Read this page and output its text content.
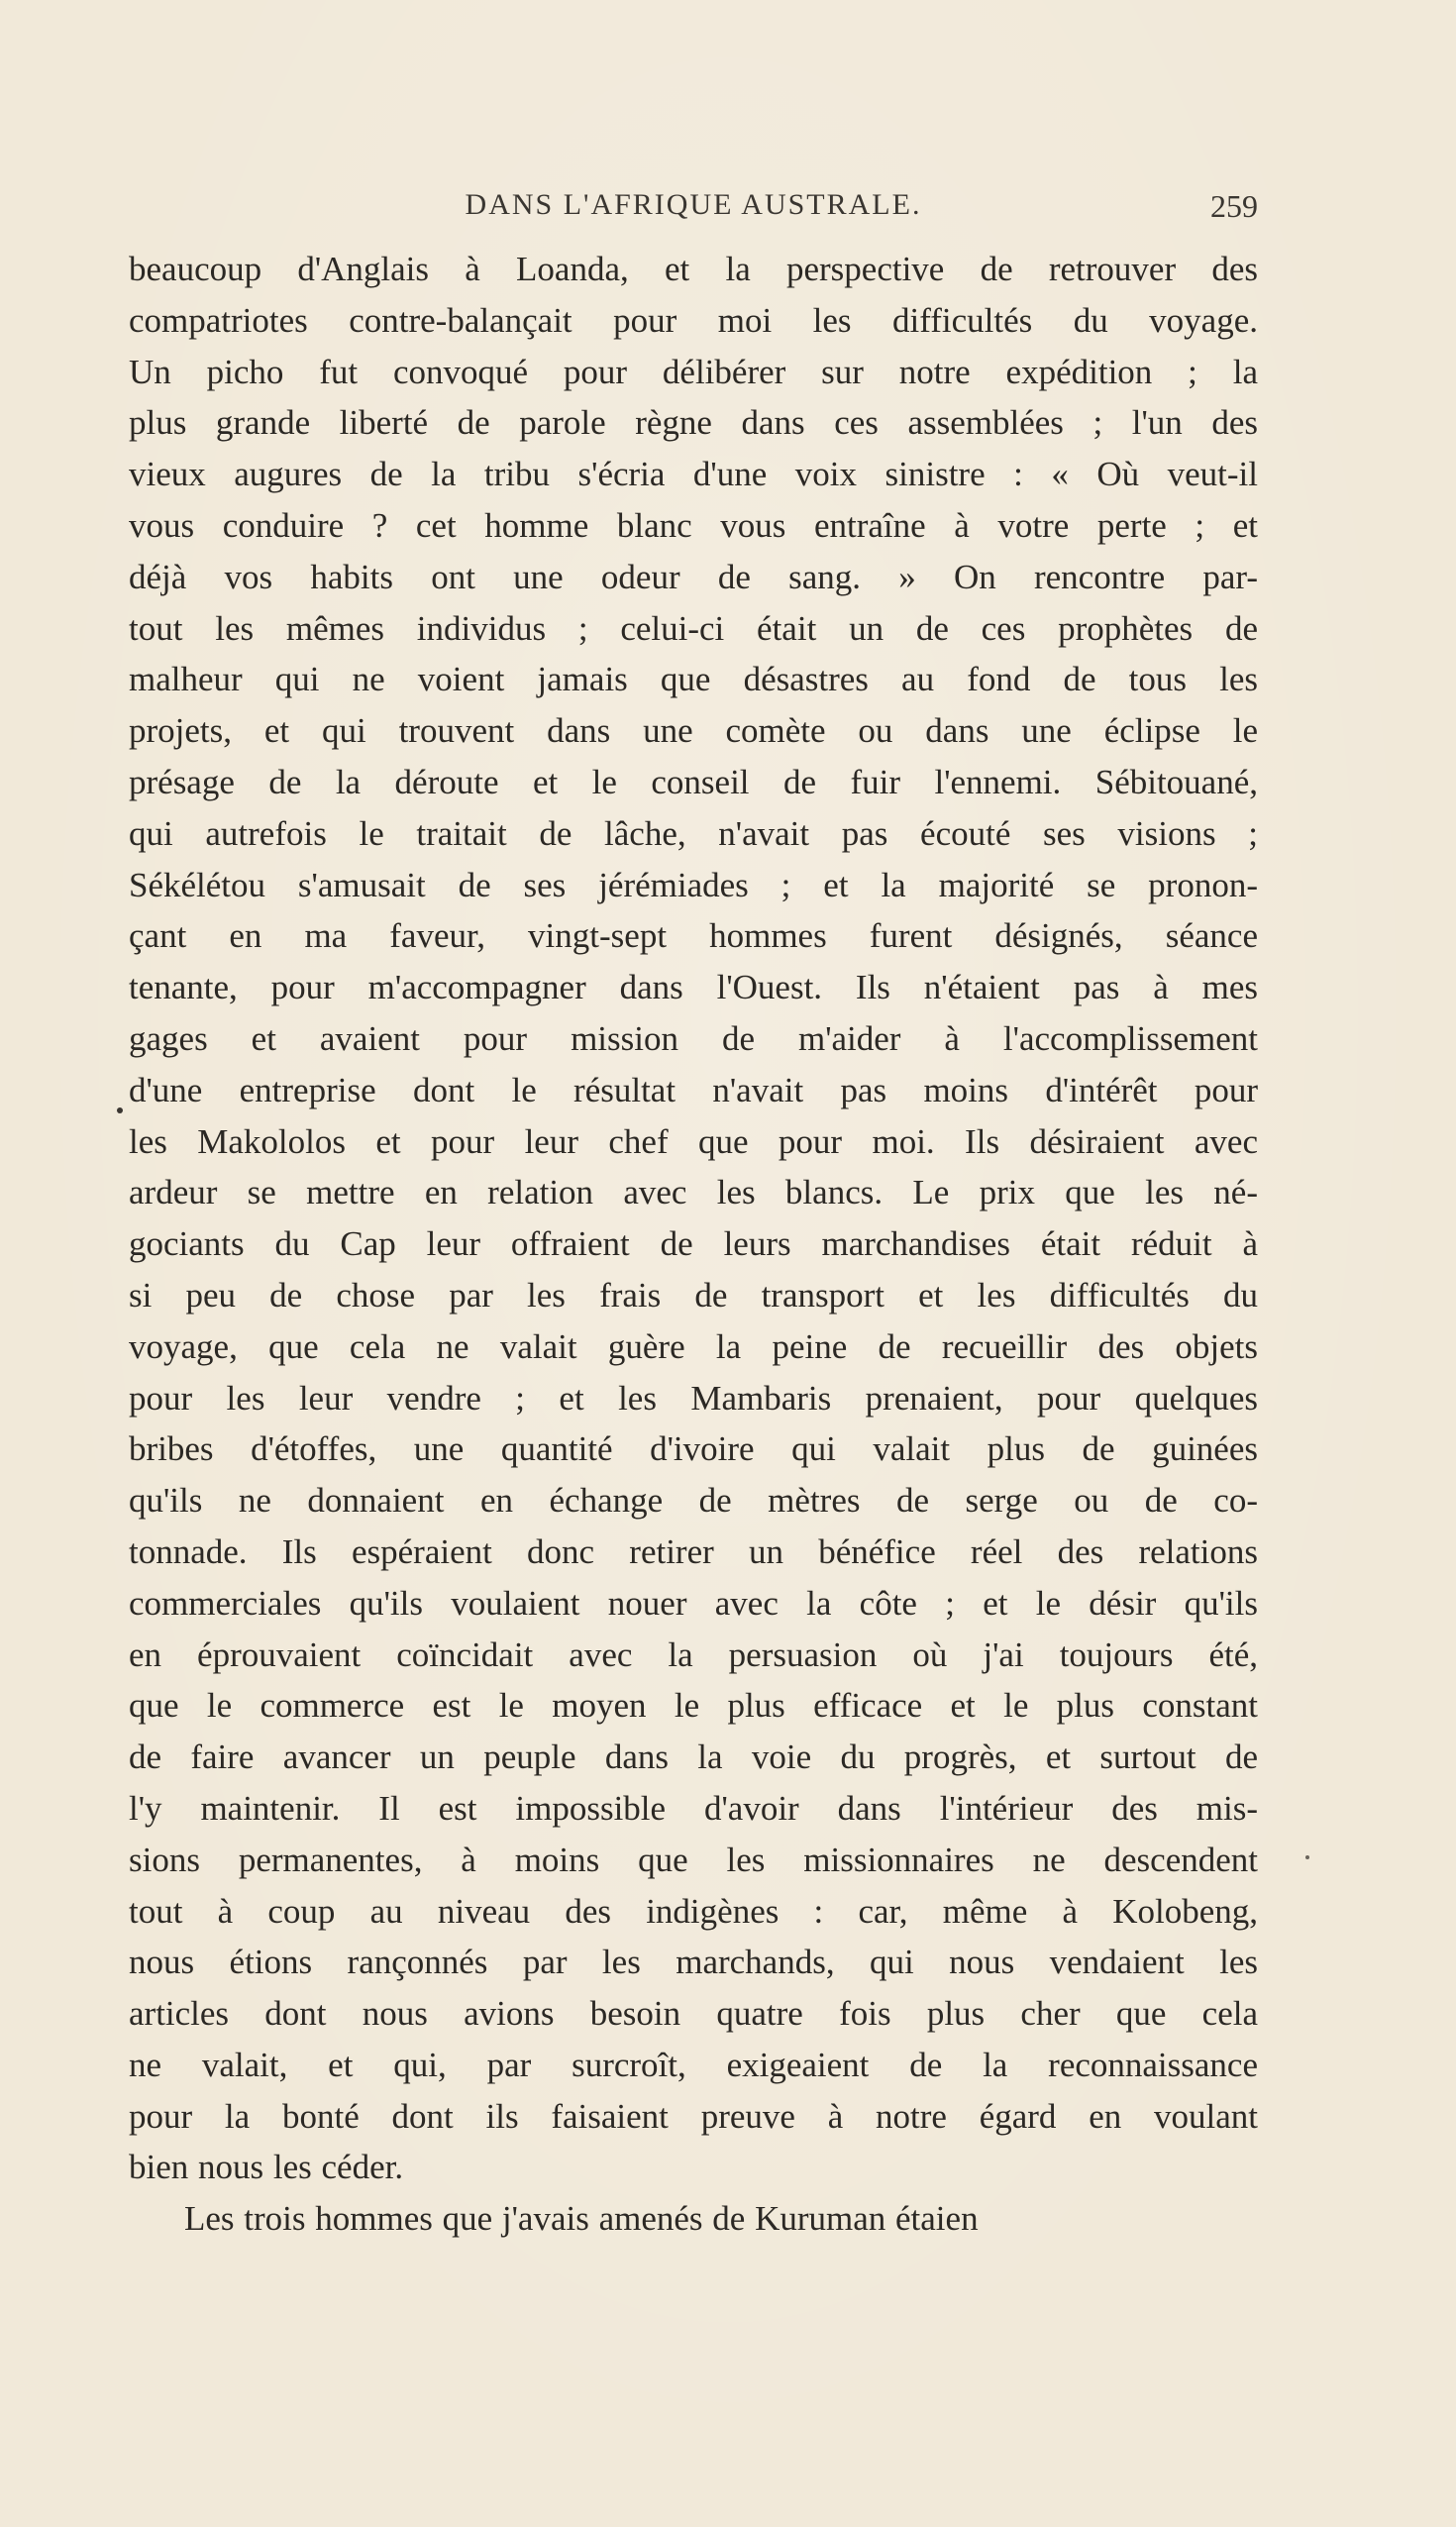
DANS L'AFRIQUE AUSTRALE.	259
beaucoup d'Anglais à Loanda, et la perspective de retrouver des
compatriotes contre-balançait pour moi les difficultés du voyage.
Un picho fut convoqué pour délibérer sur notre expédition ; la
plus grande liberté de parole règne dans ces assemblées ; l'un des
vieux augures de la tribu s'écria d'une voix sinistre : « Où veut-il
vous conduire ? cet homme blanc vous entraîne à votre perte ; et
déjà vos habits ont une odeur de sang. » On rencontre par-
tout les mêmes individus ; celui-ci était un de ces prophètes de
malheur qui ne voient jamais que désastres au fond de tous les
projets, et qui trouvent dans une comète ou dans une éclipse le
présage de la déroute et le conseil de fuir l'ennemi. Sébitouané,
qui autrefois le traitait de lâche, n'avait pas écouté ses visions ;
Sékélétou s'amusait de ses jérémiades ; et la majorité se pronon-
çant en ma faveur, vingt-sept hommes furent désignés, séance
tenante, pour m'accompagner dans l'Ouest. Ils n'étaient pas à mes
gages et avaient pour mission de m'aider à l'accomplissement
d'une entreprise dont le résultat n'avait pas moins d'intérêt pour
les Makololos et pour leur chef que pour moi. Ils désiraient avec
ardeur se mettre en relation avec les blancs. Le prix que les né-
gociants du Cap leur offraient de leurs marchandises était réduit à
si peu de chose par les frais de transport et les difficultés du
voyage, que cela ne valait guère la peine de recueillir des objets
pour les leur vendre ; et les Mambaris prenaient, pour quelques
bribes d'étoffes, une quantité d'ivoire qui valait plus de guinées
qu'ils ne donnaient en échange de mètres de serge ou de co-
tonnade. Ils espéraient donc retirer un bénéfice réel des relations
commerciales qu'ils voulaient nouer avec la côte ; et le désir qu'ils
en éprouvaient coïncidait avec la persuasion où j'ai toujours été,
que le commerce est le moyen le plus efficace et le plus constant
de faire avancer un peuple dans la voie du progrès, et surtout de
l'y maintenir. Il est impossible d'avoir dans l'intérieur des mis-
sions permanentes, à moins que les missionnaires ne descendent
tout à coup au niveau des indigènes : car, même à Kolobeng,
nous étions rançonnés par les marchands, qui nous vendaient les
articles dont nous avions besoin quatre fois plus cher que cela
ne valait, et qui, par surcroît, exigeaient de la reconnaissance
pour la bonté dont ils faisaient preuve à notre égard en voulant
bien nous les céder.
Les trois hommes que j'avais amenés de Kuruman étaien
